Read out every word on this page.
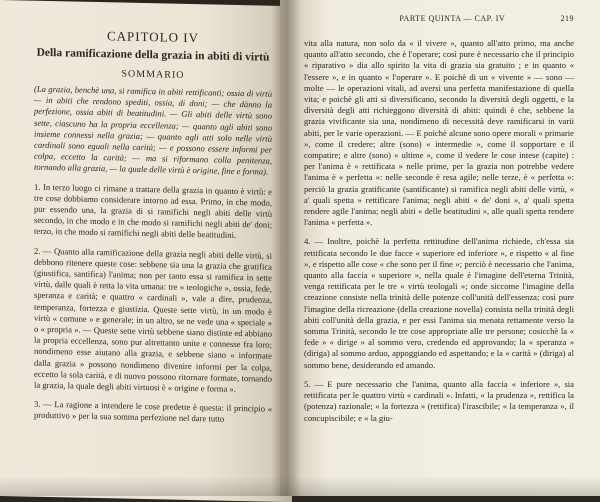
CAPITOLO IV
Della ramificazione della grazia in abiti di virtù
SOMMARIO

(La grazia, benchè una, si ramifica in abiti rettificanti; ossia di virtù — in abiti che rendono spediti, ossia, di doni; — che dànno la perfezione, ossia abiti di beatitudini. — Gli abiti delle virtù sono sette, ciascuno ha la propria eccellenza; — quanto agli abiti sono insieme connessi nella grazia; — quanto agli atti solo nelle virtù cardinali sono eguali nella carità; — e possono essere informi per colpa, eccetto la carità; — ma si riformano colla penitenza, tornando alla grazia, — la quale delle virtù è origine, fine e forma).

1. In terzo luogo ci rimane a trattare della grazia in quanto è virtù: e tre cose dobbiamo considerare intorno ad essa. Primo, in che modo, pur essendo una, la grazia di si ramifichi negli abiti delle virtù secondo, in che modo e in che modo si ramifichi negli abiti de' doni; terzo, in che modo si ramifichi negli abiti delle beatitudini.

2. — Quanto alla ramificazione della grazia negli abiti delle virtù, si debbono ritenere queste cose: sebbene sia una la grazia che gratifica (giustifica, santifica) l'anima; non per tanto essa si ramifica in sette virtù, dalle quali è retta la vita umana: tre « teologiche », ossia, fede, speranza e carità; e quattro « cardinali », vale a dire, prudenza, temperanza, fortezza e giustizia. Queste sette virtù, in un modo è virtù « comune » e generale; in un altro, se ne vede una « speciale » o « propria ». — Queste sette virtù sebbene siano distinte ed abbiano la propria eccellenza, sono pur altrettanto unite e connesse fra loro; nondimeno esse aiutano alla grazia, e sebbene siano « informate dalla grazia » possono nondimeno divenire informi per la colpa, eccetto la sola carità, e di nuovo possono ritornare formate, tornando la grazia, la quale degli abiti virtuosi è « origine e forma ».

3. — La ragione a intendere le cose predette è questa: il principio « produttivo » per la sua somma perfezione nel dare tutto

PARTE QUINTA — CAP. IV	219

vita alla natura, non solo da « il vivere », quanto all'atto primo, ma anche quanto all'atto secondo, che è l'operare; così pure è necessario che il principio « riparativo » dia allo spirito la vita di grazia sia gratuito ; e in quanto « l'essere », e in quanto « l'operare ». E poichè di un « vivente » — sono — molte — le operazioni vitali, ad aversi una perfetta manifestazione di quella vita; e poichè gli atti si diversificano, secondo la diversità degli oggetti, e la diversità degli atti richieggono diversità di abiti: quindi è che, sebbene la grazia vivificante sia una, nondimeno di necessità deve ramificarsi in varii abiti, per le varie operazioni. — E poichè alcune sono opere morali « primarie », come il credere; altre (sono) « intermedie », come il sopportare e il compatire; e altre (sono) « ultime », come il vedere le cose intese (capite) : per l'anima è « rettificata » nelle prime, per la grazia non potrebbe vedere l'anima è « perfetta »: nelle seconde è resa agile; nelle terze, è « perfetta »: perciò la grazia gratificante (santificante) si ramifica negli abiti delle virtù, « a' quali spetta » rettificare l'anima; negli abiti « de' doni », a' quali spetta rendere agile l'anima; negli abiti « delle beatitudini », alle quali spetta rendere l'anima « perfetta ».

4. — Inoltre, poichè la perfetta rettitudine dell'anima richiede, ch'essa sia rettificata secondo le due facce « superiore ed inferiore », e rispetto « al fine », e rispetto alle cose « che sono per il fine »; perciò è necessario che l'anima, quanto alla faccia « superiore », nella quale è l'imagine dell'eterna Trinità, venga rettificata per le tre « virtù teologali »; onde siccome l'imagine della creazione consiste nella trinità delle potenze coll'unità dell'essenza; così pure l'imagine della ricreazione (della creazione novella) consista nella trinità degli abiti coll'unità della grazia, e per essi l'anima sia menata rettamente verso la somma Trinità, secondo le tre cose appropriate alle tre persone; cosicchè la « fede » « dirige » al sommo vero, credendo ed approvando; la « speranza » (diriga) al sommo arduo, appoggiando ed aspettando; e la « carità » (diriga) al sommo bene, desiderando ed amando.

5. — E pure necessario che l'anima, quanto alla faccia « inferiore », sia rettificata per le quattro virtù « cardinali ». Infatti, « la prudenza », rettifica la (potenza) razionale; « la fortezza » (rettifica) l'irascibile; « la temperanza », il concupiscibile; e « la giu-
